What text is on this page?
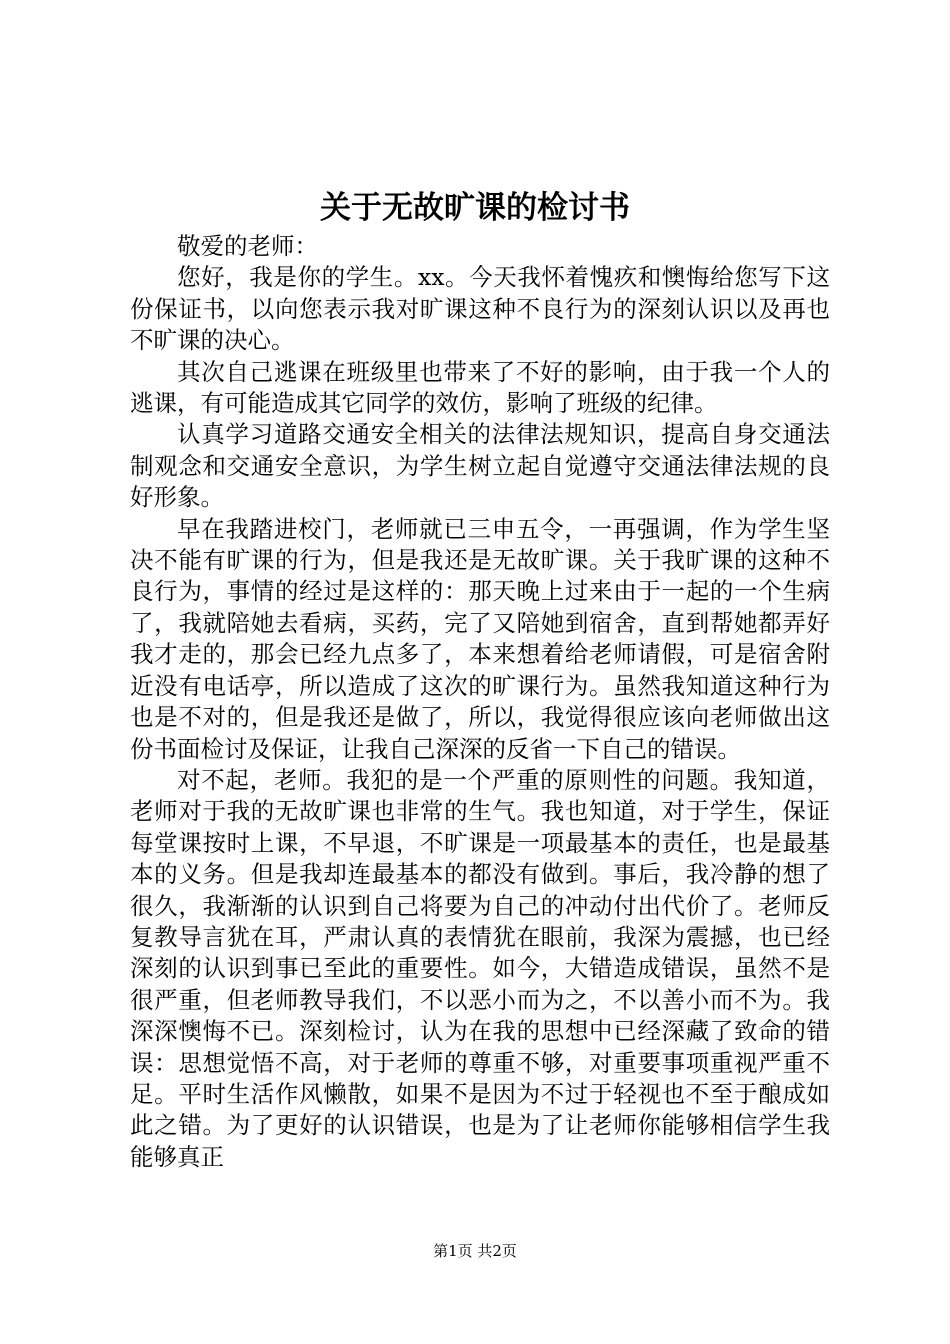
关于无故旷课的检讨书

敬爱的老师：

您好，我是你的学生。xx。今天我怀着愧疚和懊悔给您写下这份保证书，以向您表示我对旷课这种不良行为的深刻认识以及再也不旷课的决心。

其次自己逃课在班级里也带来了不好的影响，由于我一个人的逃课，有可能造成其它同学的效仿，影响了班级的纪律。

认真学习道路交通安全相关的法律法规知识，提高自身交通法制观念和交通安全意识，为学生树立起自觉遵守交通法律法规的良好形象。

早在我踏进校门，老师就已三申五令，一再强调，作为学生坚决不能有旷课的行为，但是我还是无故旷课。关于我旷课的这种不良行为，事情的经过是这样的：那天晚上过来由于一起的一个生病了，我就陪她去看病，买药，完了又陪她到宿舍，直到帮她都弄好我才走的，那会已经九点多了，本来想着给老师请假，可是宿舍附近没有电话亭，所以造成了这次的旷课行为。虽然我知道这种行为也是不对的，但是我还是做了，所以，我觉得很应该向老师做出这份书面检讨及保证，让我自己深深的反省一下自己的错误。

对不起，老师。我犯的是一个严重的原则性的问题。我知道，老师对于我的无故旷课也非常的生气。我也知道，对于学生，保证每堂课按时上课，不早退，不旷课是一项最基本的责任，也是最基本的义务。但是我却连最基本的都没有做到。事后，我冷静的想了很久，我渐渐的认识到自己将要为自己的冲动付出代价了。老师反复教导言犹在耳，严肃认真的表情犹在眼前，我深为震撼，也已经深刻的认识到事已至此的重要性。如今，大错造成错误，虽然不是很严重，但老师教导我们，不以恶小而为之，不以善小而不为。我深深懊悔不已。深刻检讨，认为在我的思想中已经深藏了致命的错误：思想觉悟不高，对于老师的尊重不够，对重要事项重视严重不足。平时生活作风懒散，如果不是因为不过于轻视也不至于酿成如此之错。为了更好的认识错误，也是为了让老师你能够相信学生我能够真正

第1页 共2页
